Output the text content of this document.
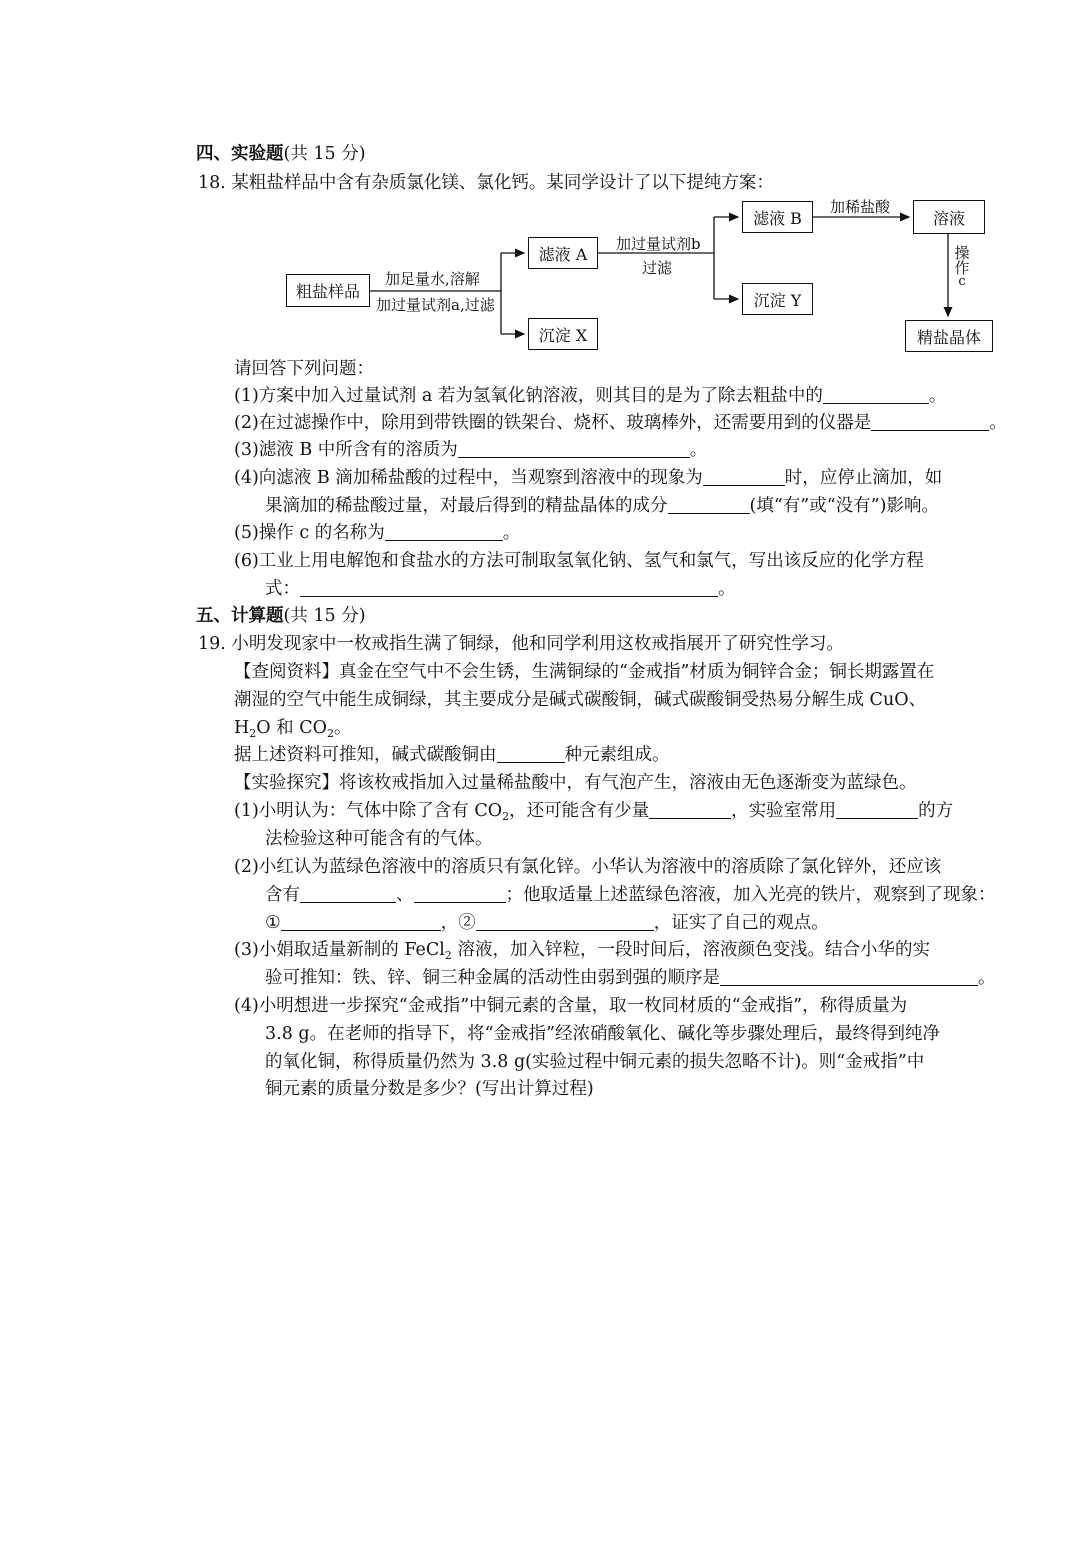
四、实验题(共 15 分)
18. 某粗盐样品中含有杂质氯化镁、氯化钙。某同学设计了以下提纯方案：
粗盐样品
加足量水,溶解
加过量试剂a,过滤
滤液 A
沉淀 X
加过量试剂b
过滤
滤液 B
沉淀 Y
加稀盐酸
溶液
操
作
c
精盐晶体
请回答下列问题：
(1)方案中加入过量试剂 a 若为氢氧化钠溶液，则其目的是为了除去粗盐中的	。
(2)在过滤操作中，除用到带铁圈的铁架台、烧杯、玻璃棒外，还需要用到的仪器是	。
(3)滤液 B 中所含有的溶质为	。
(4)向滤液 B 滴加稀盐酸的过程中，当观察到溶液中的现象为	时，应停止滴加，如
果滴加的稀盐酸过量，对最后得到的精盐晶体的成分	(填“有”或“没有”)影响。
(5)操作 c 的名称为	。
(6)工业上用电解饱和食盐水的方法可制取氢氧化钠、氢气和氯气，写出该反应的化学方程
式：	。
五、计算题(共 15 分)
19. 小明发现家中一枚戒指生满了铜绿，他和同学利用这枚戒指展开了研究性学习。
【查阅资料】真金在空气中不会生锈，生满铜绿的“金戒指”材质为铜锌合金；铜长期露置在
潮湿的空气中能生成铜绿，其主要成分是碱式碳酸铜，碱式碳酸铜受热易分解生成 CuO、
$H_2O$ 和 $CO_2$。
据上述资料可推知，碱式碳酸铜由	种元素组成。
【实验探究】将该枚戒指加入过量稀盐酸中，有气泡产生，溶液由无色逐渐变为蓝绿色。
(1)小明认为：气体中除了含有 $CO_2$，还可能含有少量	，实验室常用	的方
法检验这种可能含有的气体。
(2)小红认为蓝绿色溶液中的溶质只有氯化锌。小华认为溶液中的溶质除了氯化锌外，还应该
含有	、	；他取适量上述蓝绿色溶液，加入光亮的铁片，观察到了现象：
①	，②	，证实了自己的观点。
(3)小娟取适量新制的 FeCl$_2$ 溶液，加入锌粒，一段时间后，溶液颜色变浅。结合小华的实
验可推知：铁、锌、铜三种金属的活动性由弱到强的顺序是	。
(4)小明想进一步探究“金戒指”中铜元素的含量，取一枚同材质的“金戒指”，称得质量为
3.8 g。在老师的指导下，将“金戒指”经浓硝酸氧化、碱化等步骤处理后，最终得到纯净
的氧化铜，称得质量仍然为 3.8 g(实验过程中铜元素的损失忽略不计)。则“金戒指”中
铜元素的质量分数是多少？(写出计算过程)
